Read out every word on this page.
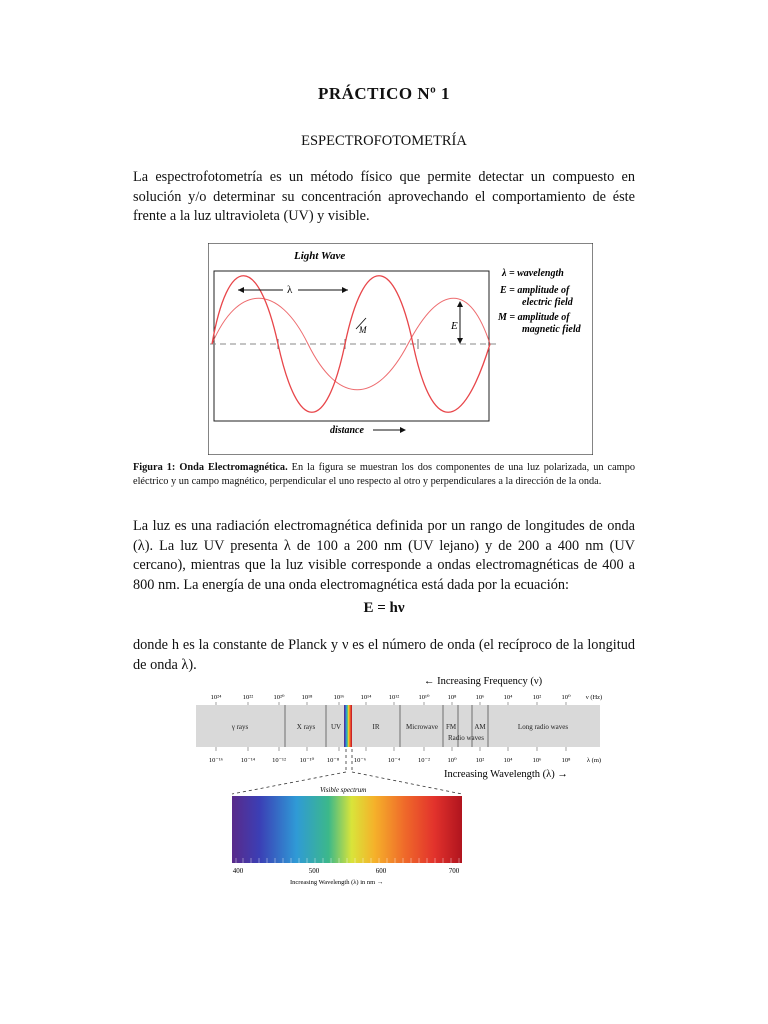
PRÁCTICO Nº 1
ESPECTROFOTOMETRÍA
La espectrofotometría es un método físico que permite detectar un compuesto en solución y/o determinar su concentración aprovechando el comportamiento de éste frente a la luz ultravioleta (UV) y visible.
Light Wave
λ
E
M
distance
λ = wavelength
E = amplitude of
electric field
M = amplitude of
magnetic field
Figura 1: Onda Electromagnética. En la figura se muestran los dos componentes de una luz polarizada, un campo eléctrico y un campo magnético, perpendicular el uno respecto al otro y perpendiculares a la dirección de la onda.
La luz es una radiación electromagnética definida por un rango de longitudes de onda (λ). La luz UV presenta λ de 100 a 200 nm (UV lejano) y de 200 a 400 nm (UV cercano), mientras que la luz visible corresponde a ondas electromagnéticas de 400 a 800 nm. La energía de una onda electromagnética está dada por la ecuación:
E = hν
donde h es la constante de Planck y ν es el número de onda (el recíproco de la longitud de onda λ).
← Increasing Frequency (ν)
10²⁴	10²²	10²⁰	10¹⁸	10¹⁶	10¹⁴	10¹²	10¹⁰	10⁸	10⁶	10⁴	10²	10⁰ ν (Hz)
γ rays	X rays UV	IR	Microwave FM	AM	Long radio waves
Radio waves
10⁻¹⁶	10⁻¹⁴	10⁻¹² 10⁻¹⁰ 10⁻⁸ 10⁻⁶	10⁻⁴	10⁻²	10⁰	10²	10⁴	10⁶	10⁸	λ (m)
Increasing Wavelength (λ) →
Visible spectrum
400	500	600	700
Increasing Wavelength (λ) in nm →
